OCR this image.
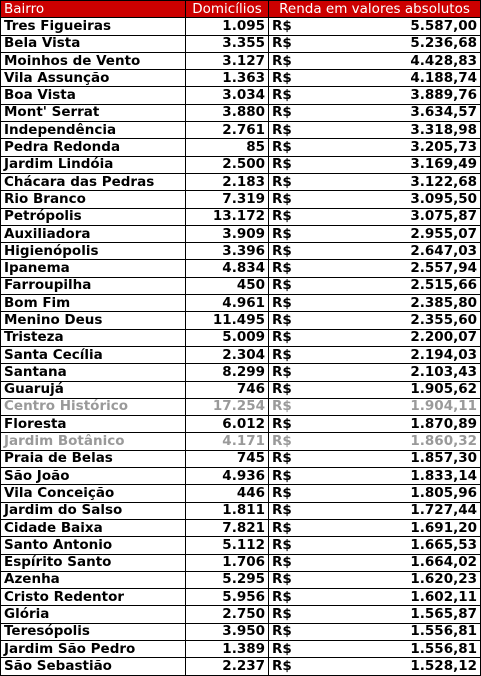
Bairro	Domicílios	Renda em valores absolutos	
Tres Figueiras	1.095	R$	5.587,00
Bela Vista	3.355	R$	5.236,68
Moinhos de Vento	3.127	R$	4.428,83
Vila Assunção	1.363	R$	4.188,74
Boa Vista	3.034	R$	3.889,76
Mont' Serrat	3.880	R$	3.634,57
Independência	2.761	R$	3.318,98
Pedra Redonda	85	R$	3.205,73
Jardim Lindóia	2.500	R$	3.169,49
Chácara das Pedras	2.183	R$	3.122,68
Rio Branco	7.319	R$	3.095,50
Petrópolis	13.172	R$	3.075,87
Auxiliadora	3.909	R$	2.955,07
Higienópolis	3.396	R$	2.647,03
Ipanema	4.834	R$	2.557,94
Farroupilha	450	R$	2.515,66
Bom Fim	4.961	R$	2.385,80
Menino Deus	11.495	R$	2.355,60
Tristeza	5.009	R$	2.200,07
Santa Cecília	2.304	R$	2.194,03
Santana	8.299	R$	2.103,43
Guarujá	746	R$	1.905,62
Centro Histórico	17.254	R$	1.904,11
Floresta	6.012	R$	1.870,89
Jardim Botânico	4.171	R$	1.860,32
Praia de Belas	745	R$	1.857,30
São João	4.936	R$	1.833,14
Vila Conceição	446	R$	1.805,96
Jardim do Salso	1.811	R$	1.727,44
Cidade Baixa	7.821	R$	1.691,20
Santo Antonio	5.112	R$	1.665,53
Espírito Santo	1.706	R$	1.664,02
Azenha	5.295	R$	1.620,23
Cristo Redentor	5.956	R$	1.602,11
Glória	2.750	R$	1.565,87
Teresópolis	3.950	R$	1.556,81
Jardim São Pedro	1.389	R$	1.556,81
São Sebastião	2.237	R$	1.528,12
